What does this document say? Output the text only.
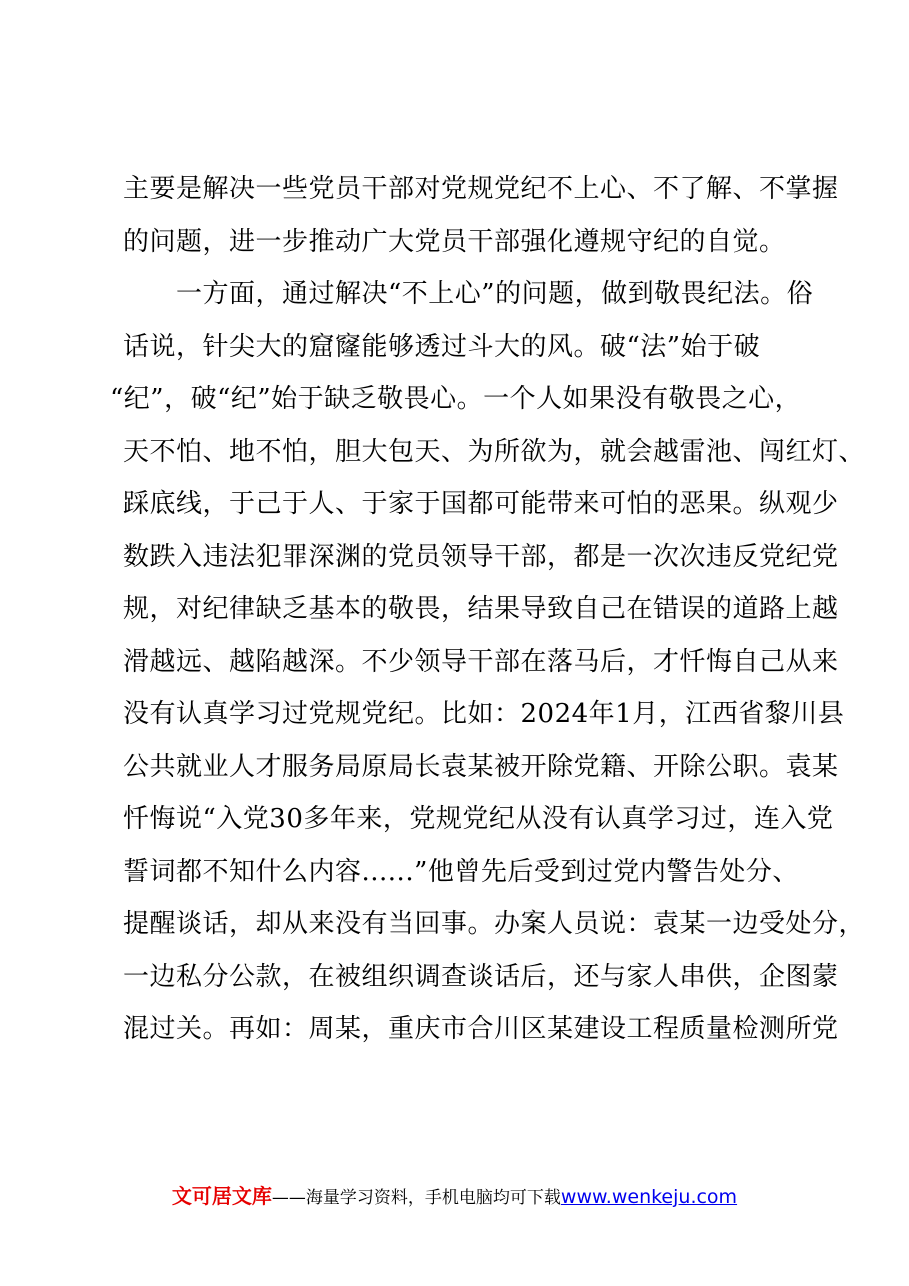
主要是解决一些党员干部对党规党纪不上心、不了解、不掌握
的问题，进一步推动广大党员干部强化遵规守纪的自觉。
　　一方面，通过解决“不上心”的问题，做到敬畏纪法。俗
话说，针尖大的窟窿能够透过斗大的风。破“法”始于破
“纪”，破“纪”始于缺乏敬畏心。一个人如果没有敬畏之心，
天不怕、地不怕，胆大包天、为所欲为，就会越雷池、闯红灯、
踩底线，于己于人、于家于国都可能带来可怕的恶果。纵观少
数跌入违法犯罪深渊的党员领导干部，都是一次次违反党纪党
规，对纪律缺乏基本的敬畏，结果导致自己在错误的道路上越
滑越远、越陷越深。不少领导干部在落马后，才忏悔自己从来
没有认真学习过党规党纪。比如：2024年1月，江西省黎川县
公共就业人才服务局原局长袁某被开除党籍、开除公职。袁某
忏悔说“入党30多年来，党规党纪从没有认真学习过，连入党
誓词都不知什么内容......”他曾先后受到过党内警告处分、
提醒谈话，却从来没有当回事。办案人员说：袁某一边受处分，
一边私分公款，在被组织调查谈话后，还与家人串供，企图蒙
混过关。再如：周某，重庆市合川区某建设工程质量检测所党
文可居文库——海量学习资料，手机电脑均可下载www.wenkeju.com
